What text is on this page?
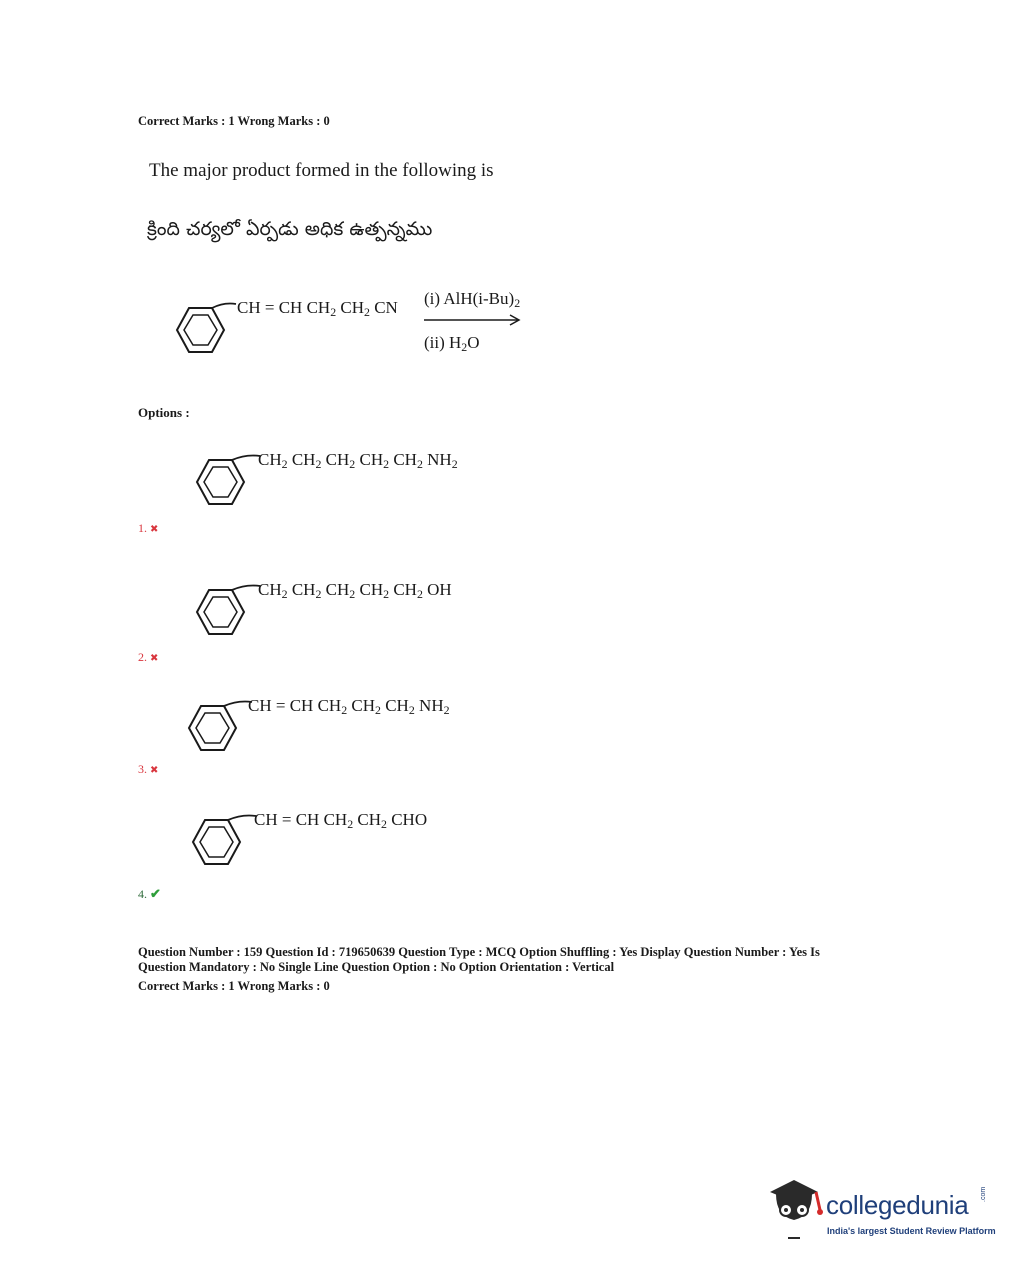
Correct Marks : 1 Wrong Marks : 0
The major product formed in the following is
క్రింది చర్యలో ఏర్పడు అధిక ఉత్పన్నము
CH = CH $CH_2$ $CH_2$ CN (i) $AlH(i-Bu)_2$
(ii) $H_2O$
Options :
$CH_2$ $CH_2$ $CH_2$ $CH_2$ $CH_2$ $NH_2$
1. ✖
$CH_2$ $CH_2$ $CH_2$ $CH_2$ $CH_2$ OH
2. ✖
CH = CH $CH_2$ $CH_2$ $CH_2$ $NH_2$
3. ✖
CH = CH $CH_2$ $CH_2$ CHO
4. ✔
Question Number : 159 Question Id : 719650639 Question Type : MCQ Option Shuffling : Yes Display Question Number : Yes Is
Question Mandatory : No Single Line Question Option : No Option Orientation : Vertical
Correct Marks : 1 Wrong Marks : 0
collegedunia .com
India's largest Student Review Platform
